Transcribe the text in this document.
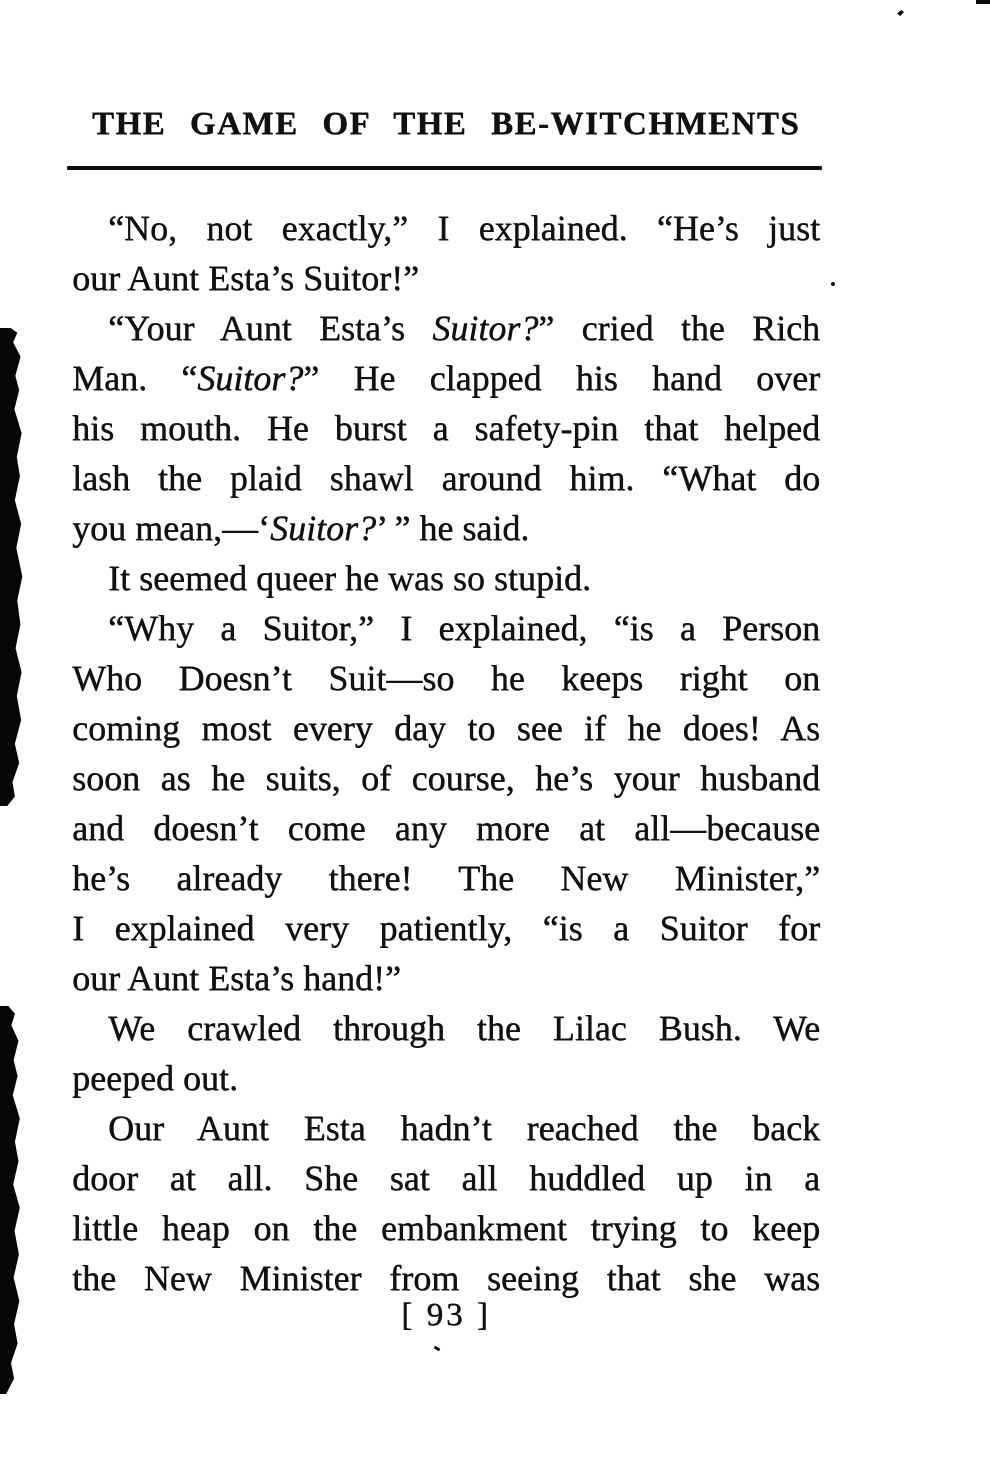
THE GAME OF THE BE-WITCHMENTS
“No, not exactly,” I explained. “He’s just
our Aunt Esta’s Suitor!”
“Your Aunt Esta’s Suitor?” cried the Rich
Man. “Suitor?” He clapped his hand over
his mouth. He burst a safety-pin that helped
lash the plaid shawl around him. “What do
you mean,—‘Suitor?’ ” he said.
It seemed queer he was so stupid.
“Why a Suitor,” I explained, “is a Person
Who Doesn’t Suit—so he keeps right on
coming most every day to see if he does! As
soon as he suits, of course, he’s your husband
and doesn’t come any more at all—because
he’s already there! The New Minister,”
I explained very patiently, “is a Suitor for
our Aunt Esta’s hand!”
We crawled through the Lilac Bush. We
peeped out.
Our Aunt Esta hadn’t reached the back
door at all. She sat all huddled up in a
little heap on the embankment trying to keep
the New Minister from seeing that she was
[ 93 ]
